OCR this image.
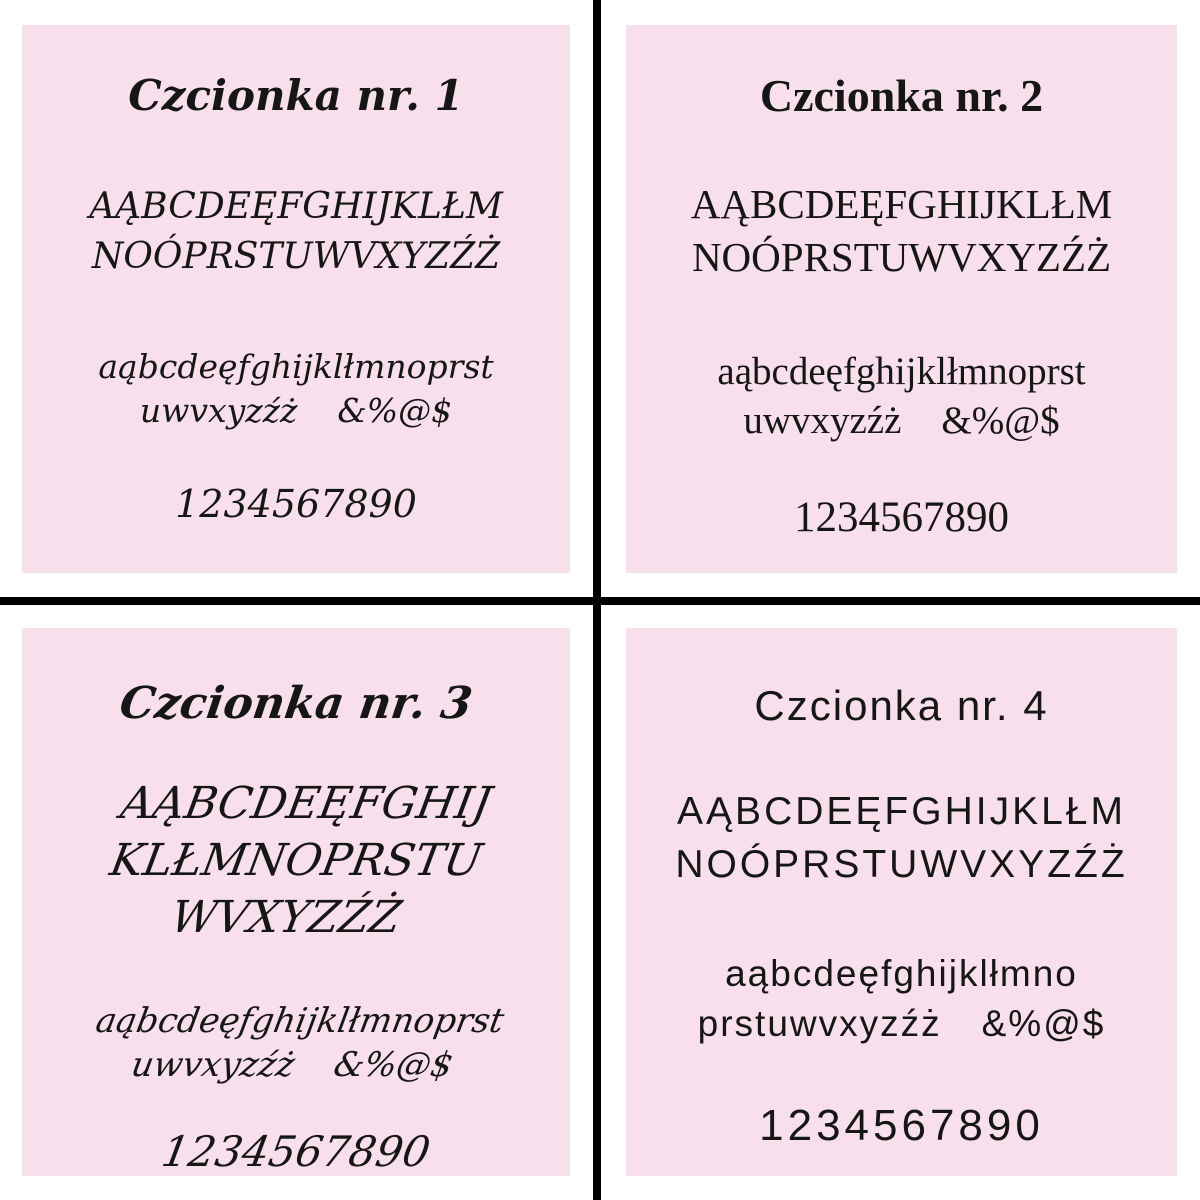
Czcionka nr. 1
AĄBCDEĘFGHIJKLŁM
NOÓPRSTUWVXYZŹŻ
aąbcdeęfghijklłmnoprst
uwvxyzźż &%@$
1234567890
Czcionka nr. 2
AĄBCDEĘFGHIJKLŁM
NOÓPRSTUWVXYZŹŻ
aąbcdeęfghijklłmnoprst
uwvxyzźż &%@$
1234567890
Czcionka nr. 3
AĄBCDEĘFGHIJ
KLŁMNOPRSTU
WVXYZŹŻ
aąbcdeęfghijklłmnoprst
uwvxyzźż &%@$
1234567890
Czcionka nr. 4
AĄBCDEĘFGHIJKLŁM
NOÓPRSTUWVXYZŹŻ
aąbcdeęfghijklłmno
prstuwvxyzźż &%@$
1234567890
